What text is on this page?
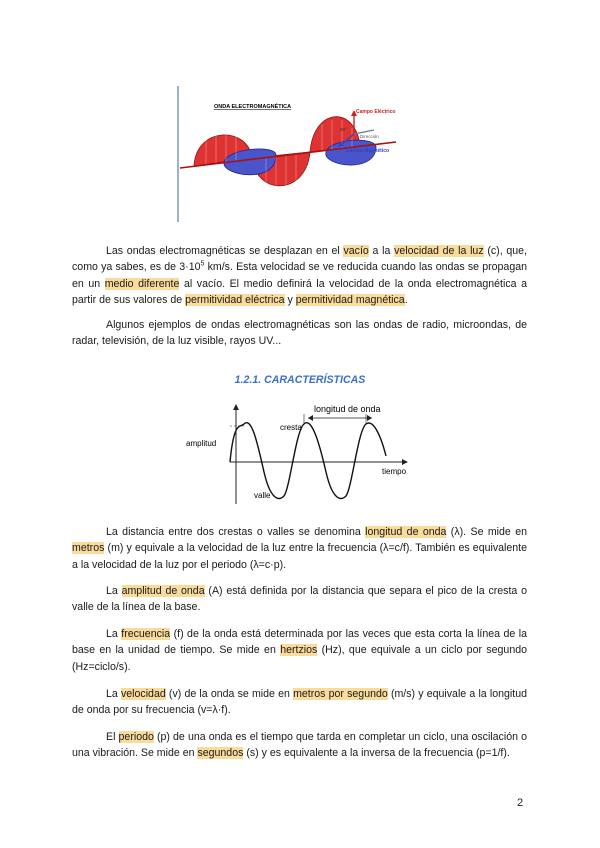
ONDA ELECTROMAGNÉTICA
Campo Eléctrico
90°
Dirección
Campo Magnético

Las ondas electromagnéticas se desplazan en el vacío a la velocidad de la luz (c), que, como ya sabes, es de $3\cdot 10^5$ km/s. Esta velocidad se ve reducida cuando las ondas se propagan en un medio diferente al vacío. El medio definirá la velocidad de la onda electromagnética a partir de sus valores de permitividad eléctrica y permitividad magnética.

Algunos ejemplos de ondas electromagnéticas son las ondas de radio, microondas, de radar, televisión, de la luz visible, rayos UV...

1.2.1. CARACTERÍSTICAS

longitud de onda
cresta
amplitud
tiempo
valle

La distancia entre dos crestas o valles se denomina longitud de onda (λ). Se mide en metros (m) y equivale a la velocidad de la luz entre la frecuencia (λ=c/f). También es equivalente a la velocidad de la luz por el periodo (λ=c·p).

La amplitud de onda (A) está definida por la distancia que separa el pico de la cresta o valle de la línea de la base.

La frecuencia (f) de la onda está determinada por las veces que esta corta la línea de la base en la unidad de tiempo. Se mide en hertzios (Hz), que equivale a un ciclo por segundo (Hz=ciclo/s).

La velocidad (v) de la onda se mide en metros por segundo (m/s) y equivale a la longitud de onda por su frecuencia (v=λ·f).

El periodo (p) de una onda es el tiempo que tarda en completar un ciclo, una oscilación o una vibración. Se mide en segundos (s) y es equivalente a la inversa de la frecuencia (p=1/f).

2
